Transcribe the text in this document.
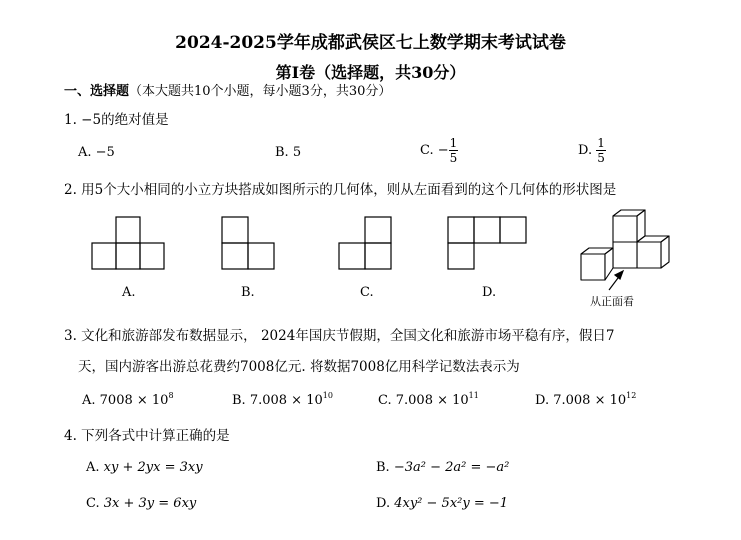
2024-2025学年成都武侯区七上数学期末考试试卷
第Ⅰ卷（选择题，共30分）
一、选择题（本大题共10个小题，每小题3分，共30分）
1. −5的绝对值是
A. −5	B. 5	C. − $\frac{1}{5}$	D. $\frac{1}{5}$
2. 用5个大小相同的小立方块搭成如图所示的几何体，则从左面看到的这个几何体的形状图是
A.	B.	C.	D.
从正面看
3. 文化和旅游部发布数据显示， 2024年国庆节假期，全国文化和旅游市场平稳有序，假日7
天，国内游客出游总花费约7008亿元. 将数据7008亿用科学记数法表示为
A. $7008 \times 10^8$	B. $7.008 \times 10^{10}$	C. $7.008 \times 10^{11}$	D. $7.008 \times 10^{12}$
4. 下列各式中计算正确的是
A. xy + 2yx = 3xy	B. −3a² − 2a² = −a²
C. 3x + 3y = 6xy	D. 4xy² − 5x²y = −1
